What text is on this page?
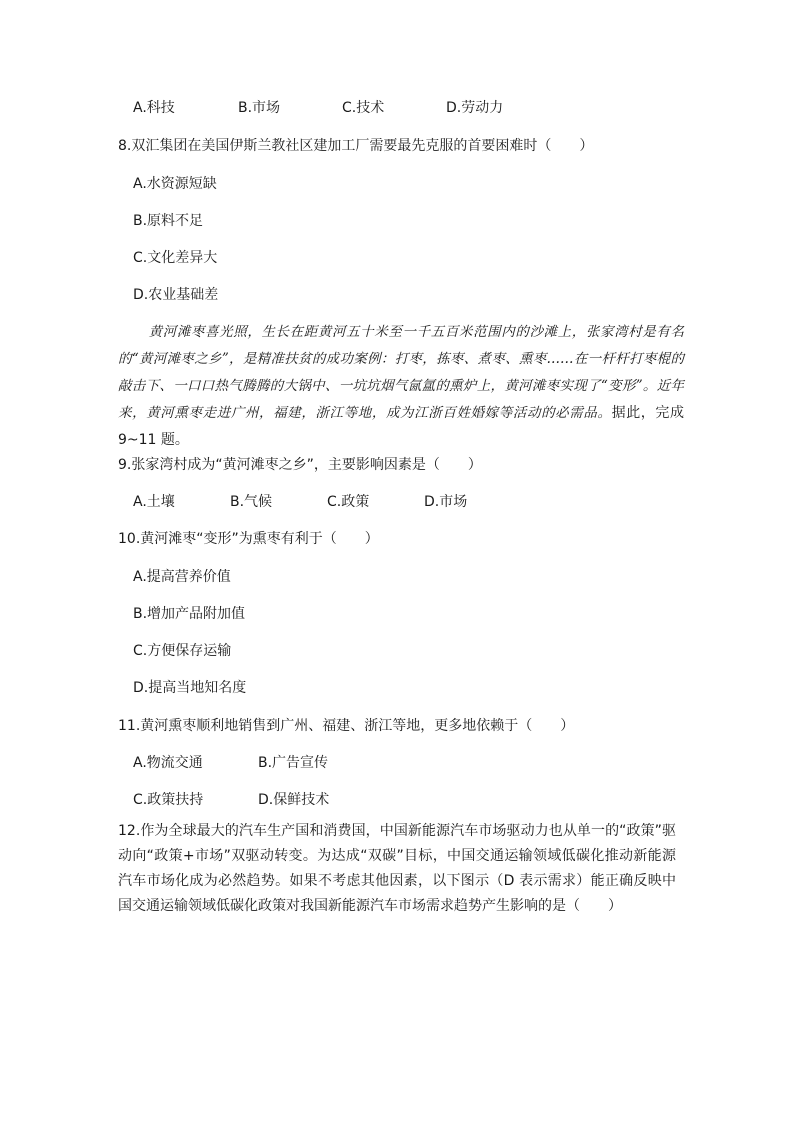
A.科技	B.市场	C.技术	D.劳动力
8.双汇集团在美国伊斯兰教社区建加工厂需要最先克服的首要困难时（　　）
A.水资源短缺
B.原料不足
C.文化差异大
D.农业基础差
黄河滩枣喜光照，生长在距黄河五十米至一千五百米范围内的沙滩上，张家湾村是有名的“黄河滩枣之乡”，是精准扶贫的成功案例：打枣，拣枣、煮枣、熏枣……在一杆杆打枣棍的敲击下、一口口热气腾腾的大锅中、一坑坑烟气氤氲的熏炉上，黄河滩枣实现了“变形”。近年来，黄河熏枣走进广州，福建，浙江等地，成为江浙百姓婚嫁等活动的必需品。据此，完成 9~11 题。
9.张家湾村成为“黄河滩枣之乡”，主要影响因素是（　　）
A.土壤	B.气候	C.政策	D.市场
10.黄河滩枣“变形”为熏枣有利于（　　）
A.提高营养价值
B.增加产品附加值
C.方便保存运输
D.提高当地知名度
11.黄河熏枣顺利地销售到广州、福建、浙江等地，更多地依赖于（　　）
A.物流交通	B.广告宣传
C.政策扶持	D.保鲜技术
12.作为全球最大的汽车生产国和消费国，中国新能源汽车市场驱动力也从单一的“政策”驱动向“政策+市场”双驱动转变。为达成“双碳”目标，中国交通运输领域低碳化推动新能源汽车市场化成为必然趋势。如果不考虑其他因素，以下图示（D 表示需求）能正确反映中国交通运输领域低碳化政策对我国新能源汽车市场需求趋势产生影响的是（　　）
